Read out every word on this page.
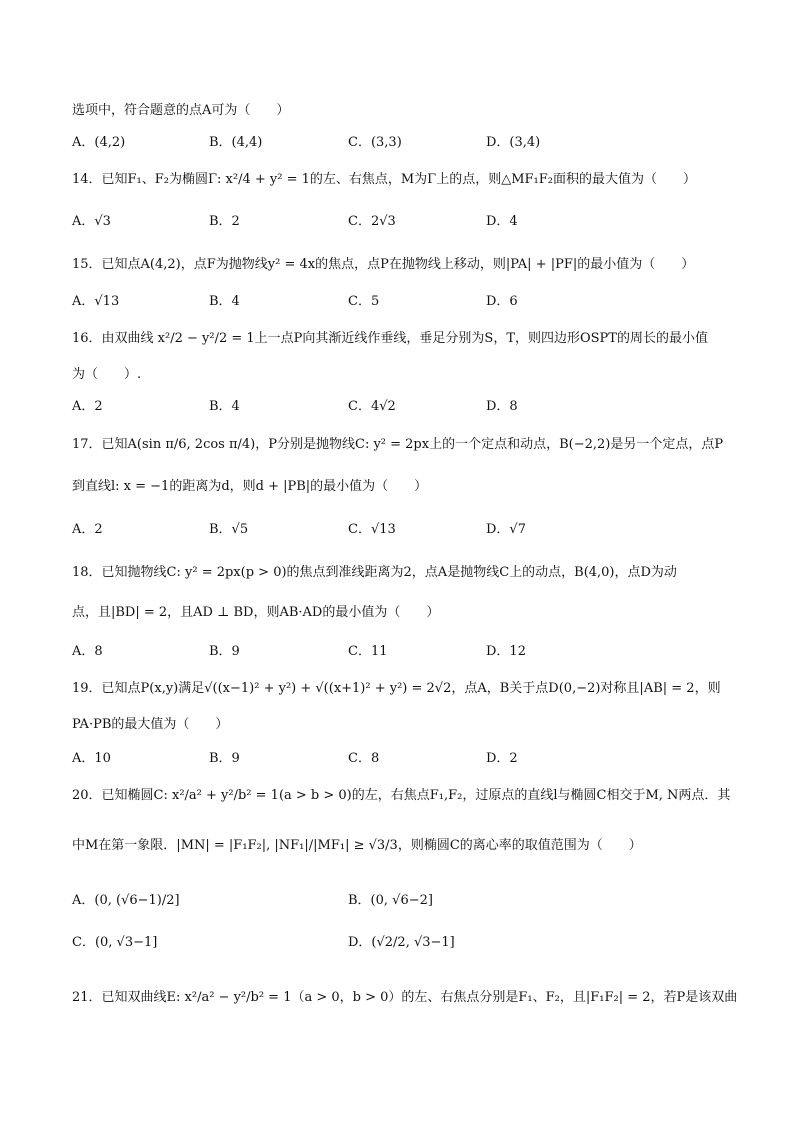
选项中，符合题意的点A可为（　　）
A．(4,2)	B．(4,4)	C．(3,3)	D．(3,4)
14．已知F₁、F₂为椭圆Γ: x²/4 + y² = 1的左、右焦点，M为Γ上的点，则△MF₁F₂面积的最大值为（　　）
A．√3	B．2	C．2√3	D．4
15．已知点A(4,2)，点F为抛物线y² = 4x的焦点，点P在抛物线上移动，则|PA| + |PF|的最小值为（　　）
A．√13	B．4	C．5	D．6
16．由双曲线 x²/2 − y²/2 = 1上一点P向其渐近线作垂线，垂足分别为S，T，则四边形OSPT的周长的最小值
为（　　）.
A．2	B．4	C．4√2	D．8
17．已知A(sin π/6, 2cos π/4)，P分别是抛物线C: y² = 2px上的一个定点和动点，B(−2,2)是另一个定点，点P
到直线l: x = −1的距离为d，则d + |PB|的最小值为（　　）
A．2	B．√5	C．√13	D．√7
18．已知抛物线C: y² = 2px(p > 0)的焦点到准线距离为2，点A是抛物线C上的动点，B(4,0)，点D为动
点，且|BD| = 2，且AD ⊥ BD，则AB·AD的最小值为（　　）
A．8	B．9	C．11	D．12
19．已知点P(x,y)满足√((x−1)² + y²) + √((x+1)² + y²) = 2√2，点A，B关于点D(0,−2)对称且|AB| = 2，则
PA·PB的最大值为（　　）
A．10	B．9	C．8	D．2
20．已知椭圆C: x²/a² + y²/b² = 1(a > b > 0)的左，右焦点F₁,F₂，过原点的直线l与椭圆C相交于M, N两点．其
中M在第一象限．|MN| = |F₁F₂|, |NF₁|/|MF₁| ≥ √3/3，则椭圆C的离心率的取值范围为（　　）
A．(0, (√6−1)/2]	B．(0, √6−2]
C．(0, √3−1]	D．(√2/2, √3−1]
21．已知双曲线E: x²/a² − y²/b² = 1（a > 0，b > 0）的左、右焦点分别是F₁、F₂，且|F₁F₂| = 2，若P是该双曲
